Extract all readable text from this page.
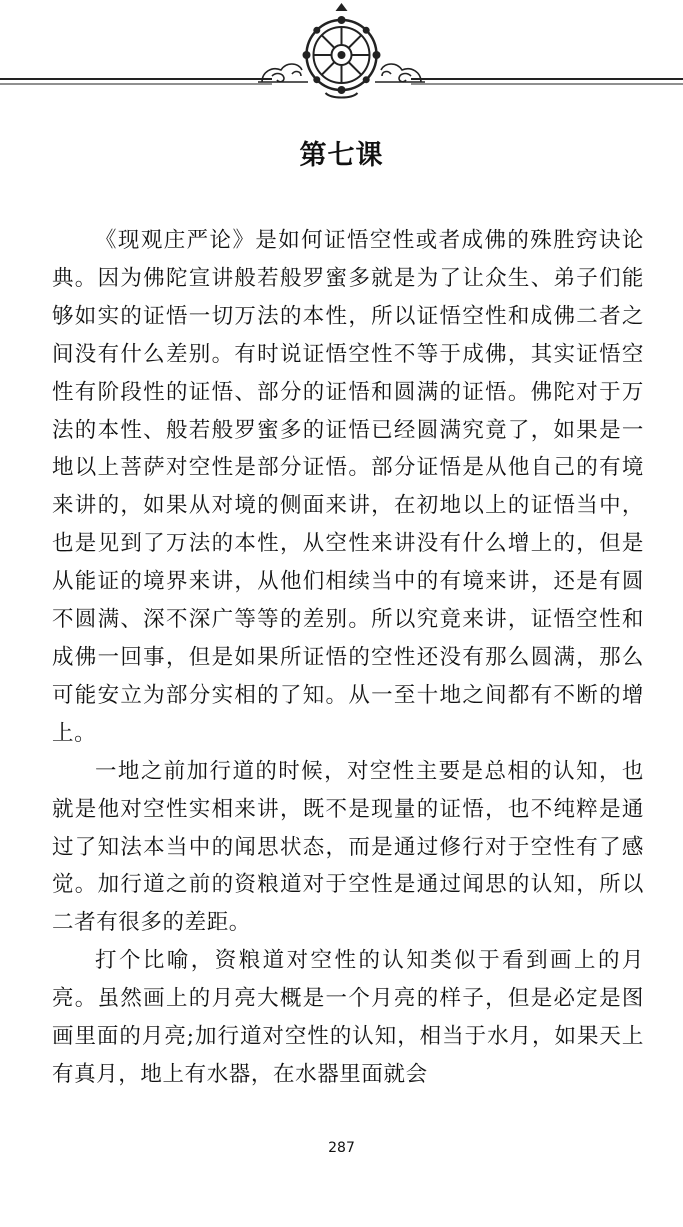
第七课

《现观庄严论》是如何证悟空性或者成佛的殊胜窍诀论典。因为佛陀宣讲般若般罗蜜多就是为了让众生、弟子们能够如实的证悟一切万法的本性，所以证悟空性和成佛二者之间没有什么差别。有时说证悟空性不等于成佛，其实证悟空性有阶段性的证悟、部分的证悟和圆满的证悟。佛陀对于万法的本性、般若般罗蜜多的证悟已经圆满究竟了，如果是一地以上菩萨对空性是部分证悟。部分证悟是从他自己的有境来讲的，如果从对境的侧面来讲，在初地以上的证悟当中，也是见到了万法的本性，从空性来讲没有什么增上的，但是从能证的境界来讲，从他们相续当中的有境来讲，还是有圆不圆满、深不深广等等的差别。所以究竟来讲，证悟空性和成佛一回事，但是如果所证悟的空性还没有那么圆满，那么可能安立为部分实相的了知。从一至十地之间都有不断的增上。

一地之前加行道的时候，对空性主要是总相的认知，也就是他对空性实相来讲，既不是现量的证悟，也不纯粹是通过了知法本当中的闻思状态，而是通过修行对于空性有了感觉。加行道之前的资粮道对于空性是通过闻思的认知，所以二者有很多的差距。

打个比喻，资粮道对空性的认知类似于看到画上的月亮。虽然画上的月亮大概是一个月亮的样子，但是必定是图画里面的月亮;加行道对空性的认知，相当于水月，如果天上有真月，地上有水器，在水器里面就会

287
